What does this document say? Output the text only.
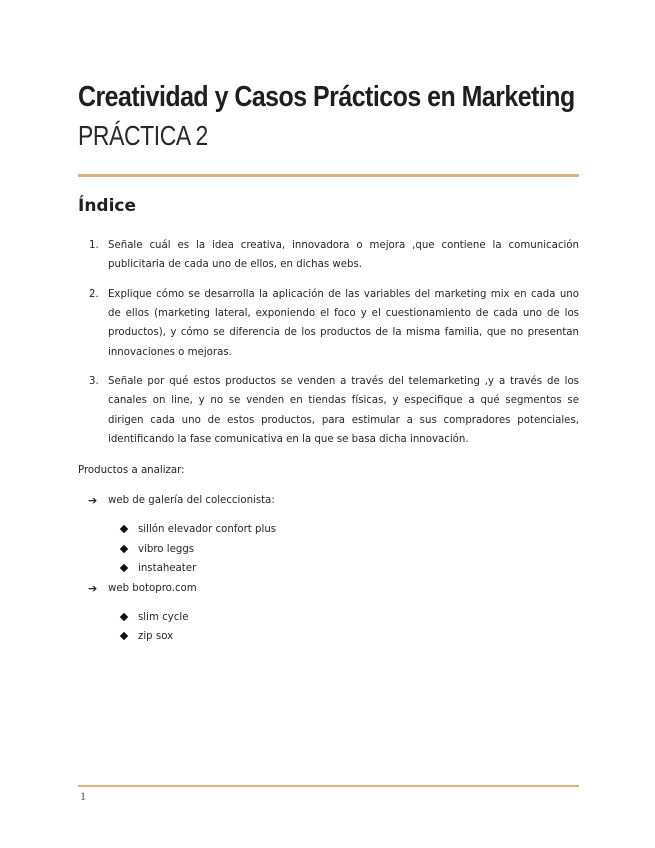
Creatividad y Casos Prácticos en Marketing
PRÁCTICA 2
Índice
1. Señale cuál es la idea creativa, innovadora o mejora ,que contiene la comunicación publicitaria de cada uno de ellos, en dichas webs.
2. Explique cómo se desarrolla la aplicación de las variables del marketing mix en cada uno de ellos (marketing lateral, exponiendo el foco y el cuestionamiento de cada uno de los productos), y cómo se diferencia de los productos de la misma familia, que no presentan innovaciones o mejoras.
3. Señale por qué estos productos se venden a través del telemarketing ,y a través de los canales on line, y no se venden en tiendas físicas, y especifique a qué segmentos se dirigen cada uno de estos productos, para estimular a sus compradores potenciales, identificando la fase comunicativa en la que se basa dicha innovación.
Productos a analizar:
➔ web de galería del coleccionista:
sillón elevador confort plus
vibro leggs
instaheater
➔ web botopro.com
slim cycle
zip sox
1
